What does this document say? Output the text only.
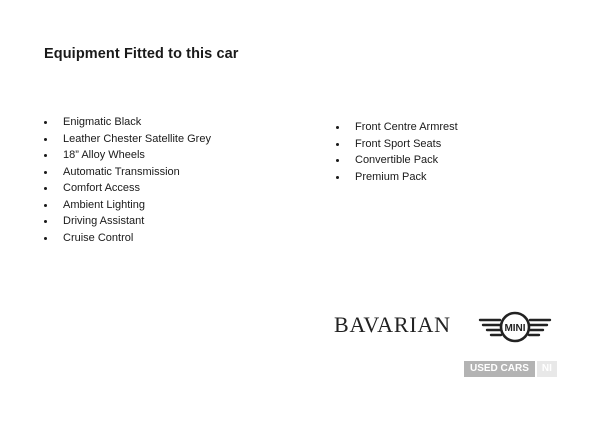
Equipment Fitted to this car
Enigmatic Black
Leather Chester Satellite Grey
18” Alloy Wheels
Automatic Transmission
Comfort Access
Ambient Lighting
Driving Assistant
Cruise Control
Front Centre Armrest
Front Sport Seats
Convertible Pack
Premium Pack
BAVARIAN	MINI
USED CARS	NI
